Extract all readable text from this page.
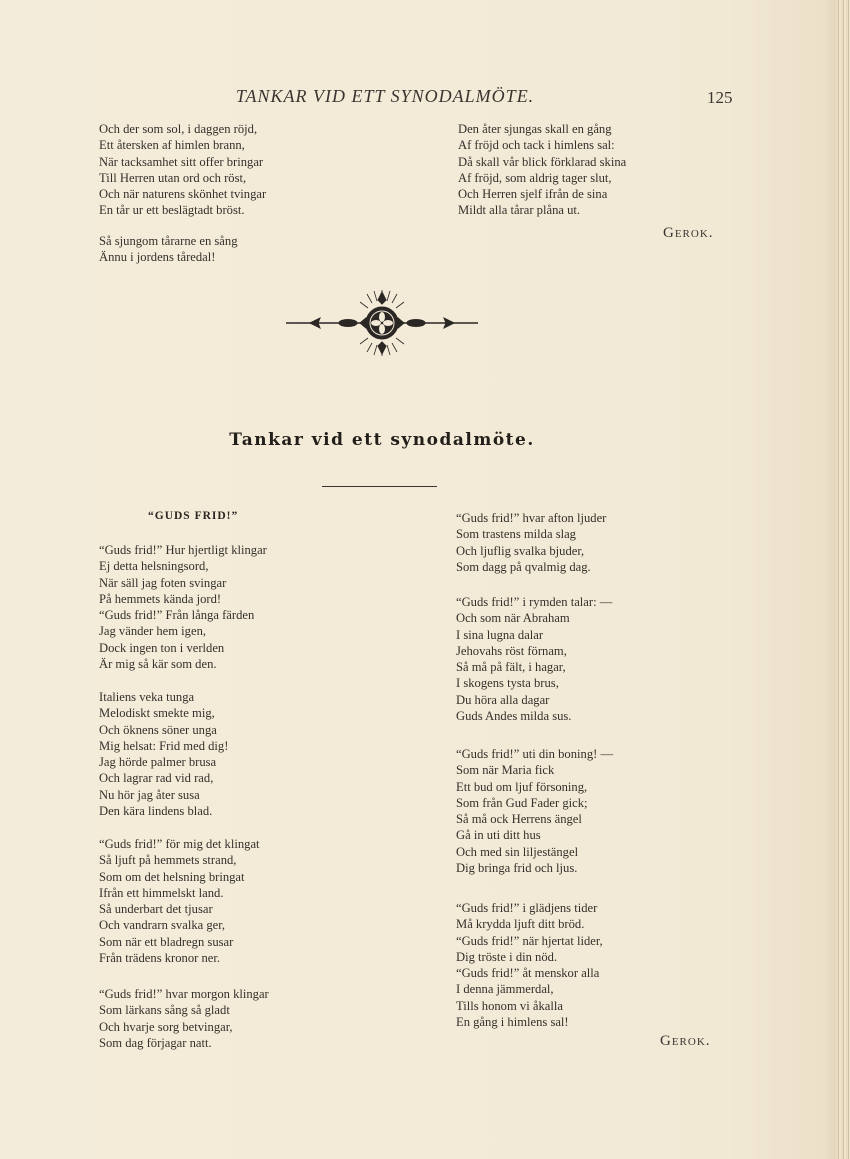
TANKAR VID ETT SYNODALMÖTE.	125
Och der som sol, i daggen röjd,
Ett återsken af himlen brann,
När tacksamhet sitt offer bringar
Till Herren utan ord och röst,
Och när naturens skönhet tvingar
En tår ur ett beslägtadt bröst.
Så sjungom tårarne en sång
Ännu i jordens tåredal!
Den åter sjungas skall en gång
Af fröjd och tack i himlens sal:
Då skall vår blick förklarad skina
Af fröjd, som aldrig tager slut,
Och Herren sjelf ifrån de sina
Mildt alla tårar plåna ut.
Gerok.
Tankar vid ett synodalmöte.
“GUDS FRID!”
“Guds frid!” Hur hjertligt klingar
Ej detta helsningsord,
När säll jag foten svingar
På hemmets kända jord!
“Guds frid!” Från långa färden
Jag vänder hem igen,
Dock ingen ton i verlden
Är mig så kär som den.
Italiens veka tunga
Melodiskt smekte mig,
Och öknens söner unga
Mig helsat: Frid med dig!
Jag hörde palmer brusa
Och lagrar rad vid rad,
Nu hör jag åter susa
Den kära lindens blad.
“Guds frid!” för mig det klingat
Så ljuft på hemmets strand,
Som om det helsning bringat
Ifrån ett himmelskt land.
Så underbart det tjusar
Och vandrarn svalka ger,
Som när ett bladregn susar
Från trädens kronor ner.
“Guds frid!” hvar morgon klingar
Som lärkans sång så gladt
Och hvarje sorg betvingar,
Som dag förjagar natt.
“Guds frid!” hvar afton ljuder
Som trastens milda slag
Och ljuflig svalka bjuder,
Som dagg på qvalmig dag.
“Guds frid!” i rymden talar: —
Och som när Abraham
I sina lugna dalar
Jehovahs röst förnam,
Så må på fält, i hagar,
I skogens tysta brus,
Du höra alla dagar
Guds Andes milda sus.
“Guds frid!” uti din boning! —
Som när Maria fick
Ett bud om ljuf försoning,
Som från Gud Fader gick;
Så må ock Herrens ängel
Gå in uti ditt hus
Och med sin liljestängel
Dig bringa frid och ljus.
“Guds frid!” i glädjens tider
Må krydda ljuft ditt bröd.
“Guds frid!” när hjertat lider,
Dig tröste i din nöd.
“Guds frid!” åt menskor alla
I denna jämmerdal,
Tills honom vi åkalla
En gång i himlens sal!
Gerok.
